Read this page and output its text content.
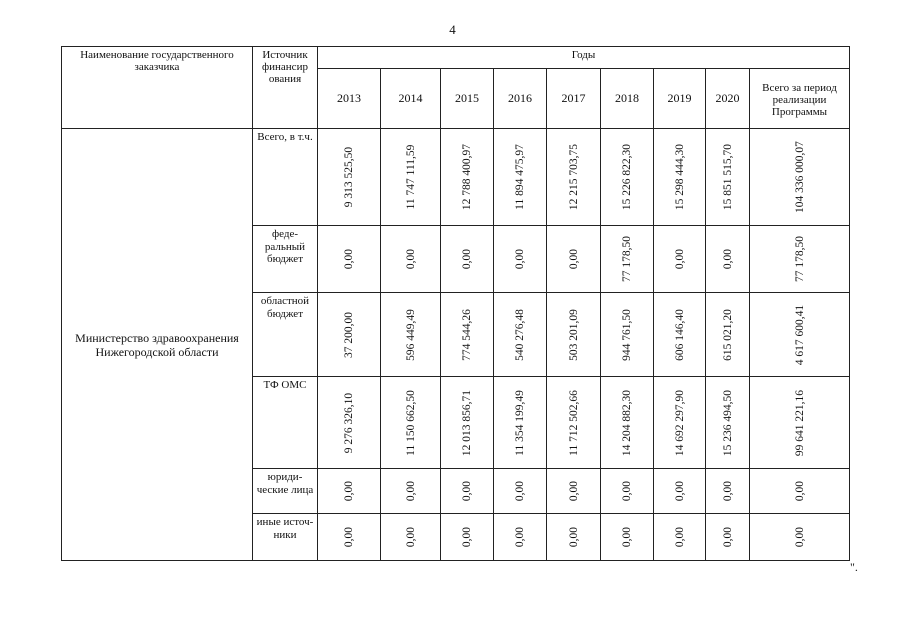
4
Наименование государственного заказчика	Источник финансир ования	Годы								
		2013	2014	2015	2016	2017	2018	2019	2020	Всего за период реализации Программы
Министерство здравоохранения Нижегородской области	Всего, в т.ч.	9 313 525,50	11 747 111,59	12 788 400,97	11 894 475,97	12 215 703,75	15 226 822,30	15 298 444,30	15 851 515,70	104 336 000,07

	феде- ральный бюджет	0,00	0,00	0,00	0,00	0,00	77 178,50	0,00	0,00	77 178,50

	областной бюджет	37 200,00	596 449,49	774 544,26	540 276,48	503 201,09	944 761,50	606 146,40	615 021,20	4 617 600,41

	ТФ ОМС	9 276 326,10	11 150 662,50	12 013 856,71	11 354 199,49	11 712 502,66	14 204 882,30	14 692 297,90	15 236 494,50	99 641 221,16

	юриди- ческие лица	0,00	0,00	0,00	0,00	0,00	0,00	0,00	0,00	0,00

	иные источ- ники	0,00	0,00	0,00	0,00	0,00	0,00	0,00	0,00	0,00
".
